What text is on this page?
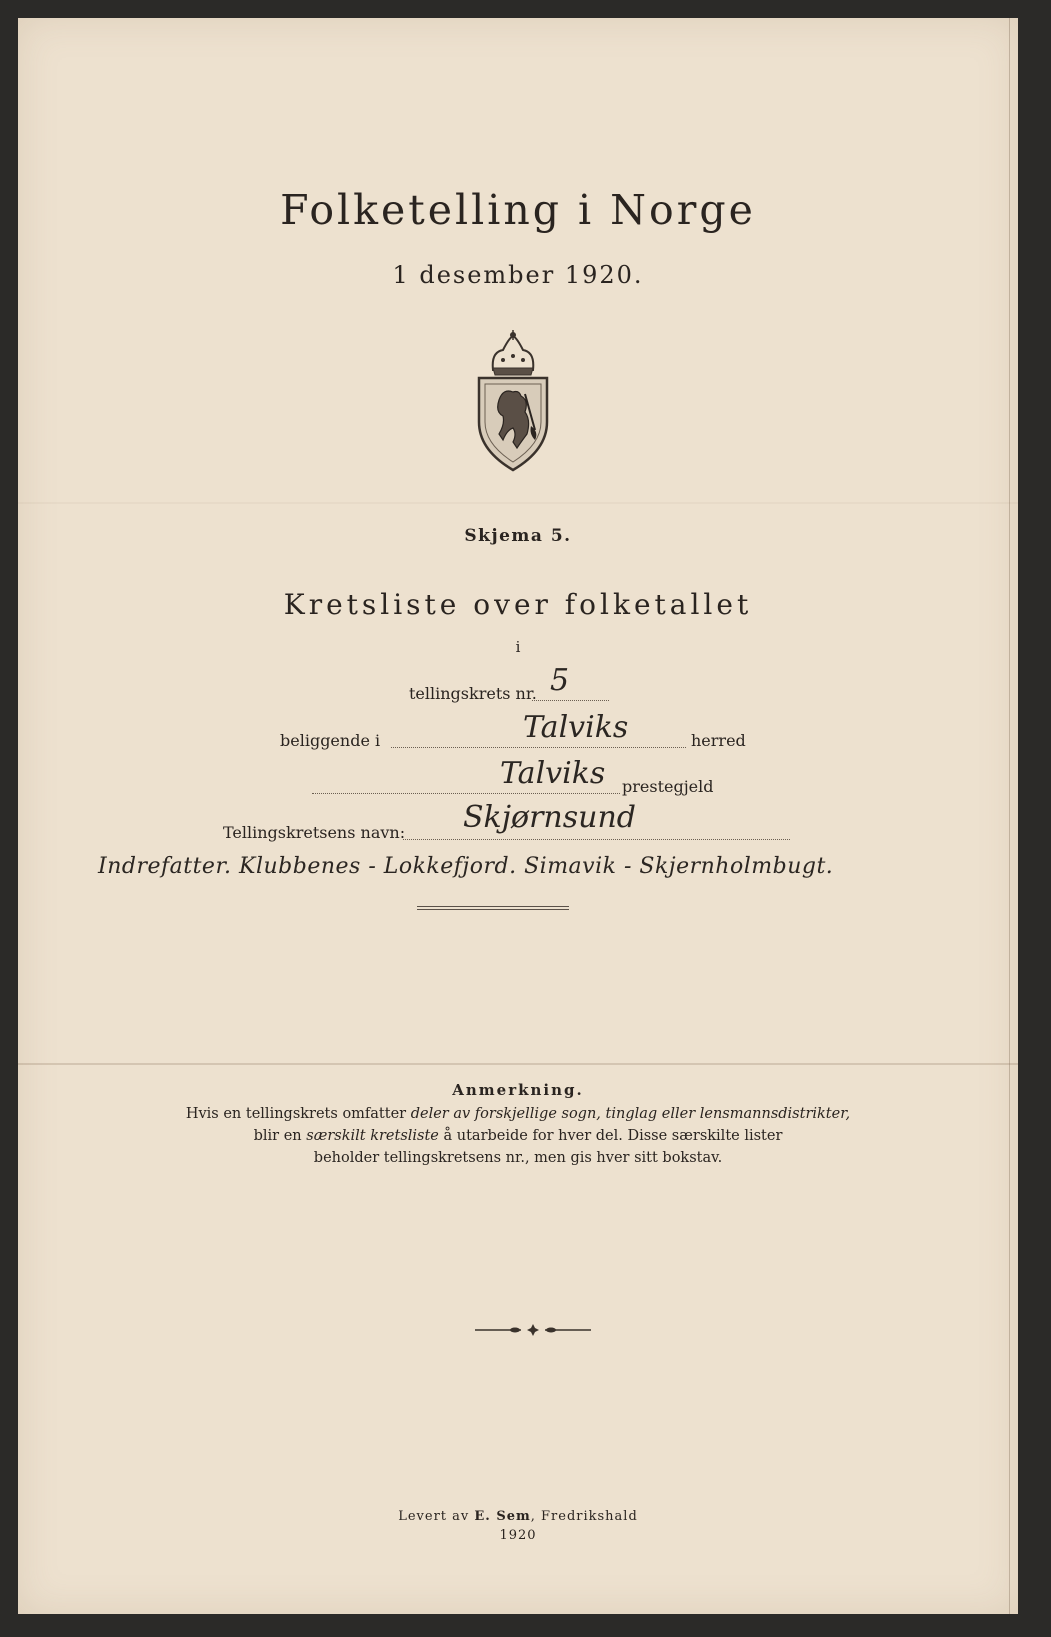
Folketelling i Norge
1 desember 1920.
Skjema 5.
Kretsliste over folketallet
i
tellingskrets nr. 5
beliggende i	Talviks	herred
Talviks prestegjeld
Tellingskretsens navn: Skjørnsund
Indrefatter. Klubbenes - Lokkefjord. Simavik - Skjernholmbugt.
Anmerkning.
Hvis en tellingskrets omfatter deler av forskjellige sogn, tinglag eller lensmannsdistrikter,
blir en særskilt kretsliste å utarbeide for hver del. Disse særskilte lister
beholder tellingskretsens nr., men gis hver sitt bokstav.
Levert av E. Sem, Fredrikshald
1920
